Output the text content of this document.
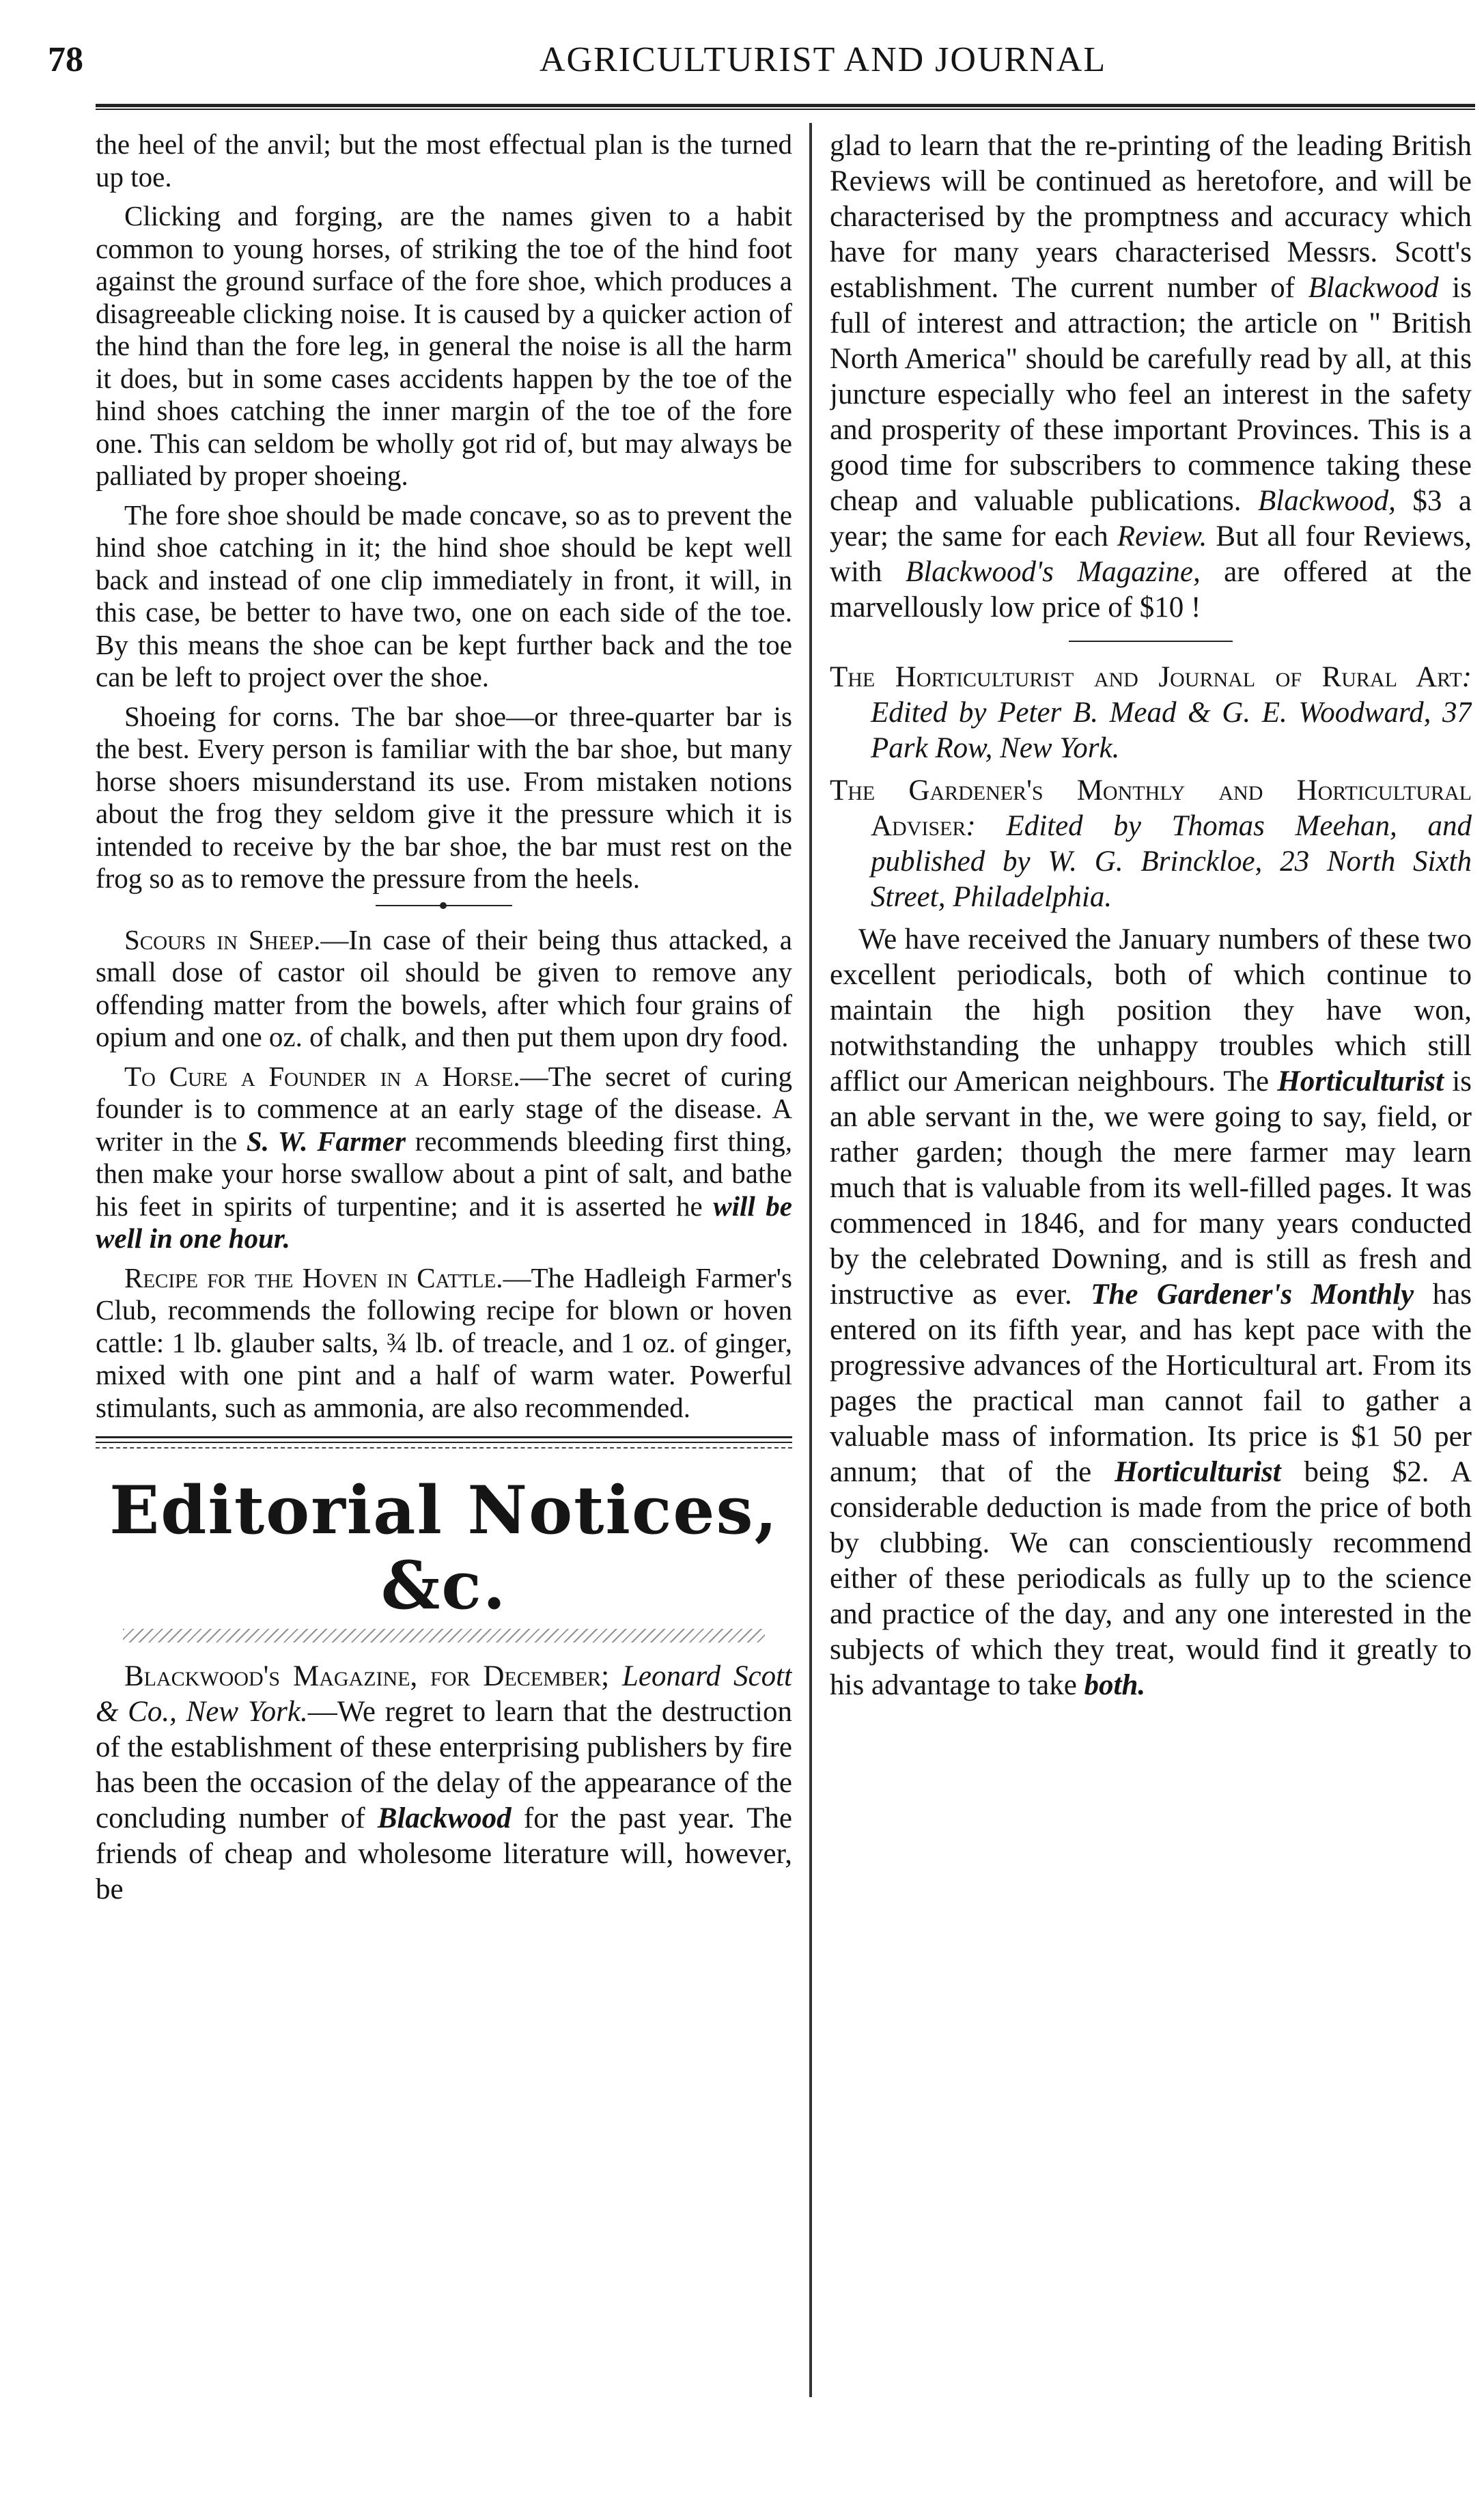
78	AGRICULTURIST AND JOURNAL

the heel of the anvil; but the most effectual plan is the turned up toe.

Clicking and forging, are the names given to a habit common to young horses, of striking the toe of the hind foot against the ground surface of the fore shoe, which produces a disagreeable clicking noise. It is caused by a quicker action of the hind than the fore leg, in general the noise is all the harm it does, but in some cases accidents happen by the toe of the hind shoes catching the inner margin of the toe of the fore one. This can seldom be wholly got rid of, but may always be palliated by proper shoeing.

The fore shoe should be made concave, so as to prevent the hind shoe catching in it; the hind shoe should be kept well back and instead of one clip immediately in front, it will, in this case, be better to have two, one on each side of the toe. By this means the shoe can be kept further back and the toe can be left to project over the shoe.

Shoeing for corns. The bar shoe—or three-quarter bar is the best. Every person is familiar with the bar shoe, but many horse shoers misunderstand its use. From mistaken notions about the frog they seldom give it the pressure which it is intended to receive by the bar shoe, the bar must rest on the frog so as to remove the pressure from the heels.

Scours in Sheep.—In case of their being thus attacked, a small dose of castor oil should be given to remove any offending matter from the bowels, after which four grains of opium and one oz. of chalk, and then put them upon dry food.

To Cure a Founder in a Horse.—The secret of curing founder is to commence at an early stage of the disease. A writer in the S. W. Farmer recommends bleeding first thing, then make your horse swallow about a pint of salt, and bathe his feet in spirits of turpentine; and it is asserted he will be well in one hour.

Recipe for the Hoven in Cattle.—The Hadleigh Farmer's Club, recommends the following recipe for blown or hoven cattle: 1 lb. glauber salts, ¾ lb. of treacle, and 1 oz. of ginger, mixed with one pint and a half of warm water. Powerful stimulants, such as ammonia, are also recommended.

Editorial Notices, &c.

Blackwood's Magazine, for December; Leonard Scott & Co., New York.—We regret to learn that the destruction of the establishment of these enterprising publishers by fire has been the occasion of the delay of the appearance of the concluding number of Blackwood for the past year. The friends of cheap and wholesome literature will, however, be

glad to learn that the re-printing of the leading British Reviews will be continued as heretofore, and will be characterised by the promptness and accuracy which have for many years characterised Messrs. Scott's establishment. The current number of Blackwood is full of interest and attraction; the article on " British North America" should be carefully read by all, at this juncture especially who feel an interest in the safety and prosperity of these important Provinces. This is a good time for subscribers to commence taking these cheap and valuable publications. Blackwood, $3 a year; the same for each Review. But all four Reviews, with Blackwood's Magazine, are offered at the marvellously low price of $10 !

The Horticulturist and Journal of Rural Art: Edited by Peter B. Mead & G. E. Woodward, 37 Park Row, New York.

The Gardener's Monthly and Horticultural Adviser: Edited by Thomas Meehan, and published by W. G. Brinckloe, 23 North Sixth Street, Philadelphia.

We have received the January numbers of these two excellent periodicals, both of which continue to maintain the high position they have won, notwithstanding the unhappy troubles which still afflict our American neighbours. The Horticulturist is an able servant in the, we were going to say, field, or rather garden; though the mere farmer may learn much that is valuable from its well-filled pages. It was commenced in 1846, and for many years conducted by the celebrated Downing, and is still as fresh and instructive as ever. The Gardener's Monthly has entered on its fifth year, and has kept pace with the progressive advances of the Horticultural art. From its pages the practical man cannot fail to gather a valuable mass of information. Its price is $1 50 per annum; that of the Horticulturist being $2. A considerable deduction is made from the price of both by clubbing. We can conscientiously recommend either of these periodicals as fully up to the science and practice of the day, and any one interested in the subjects of which they treat, would find it greatly to his advantage to take both.
